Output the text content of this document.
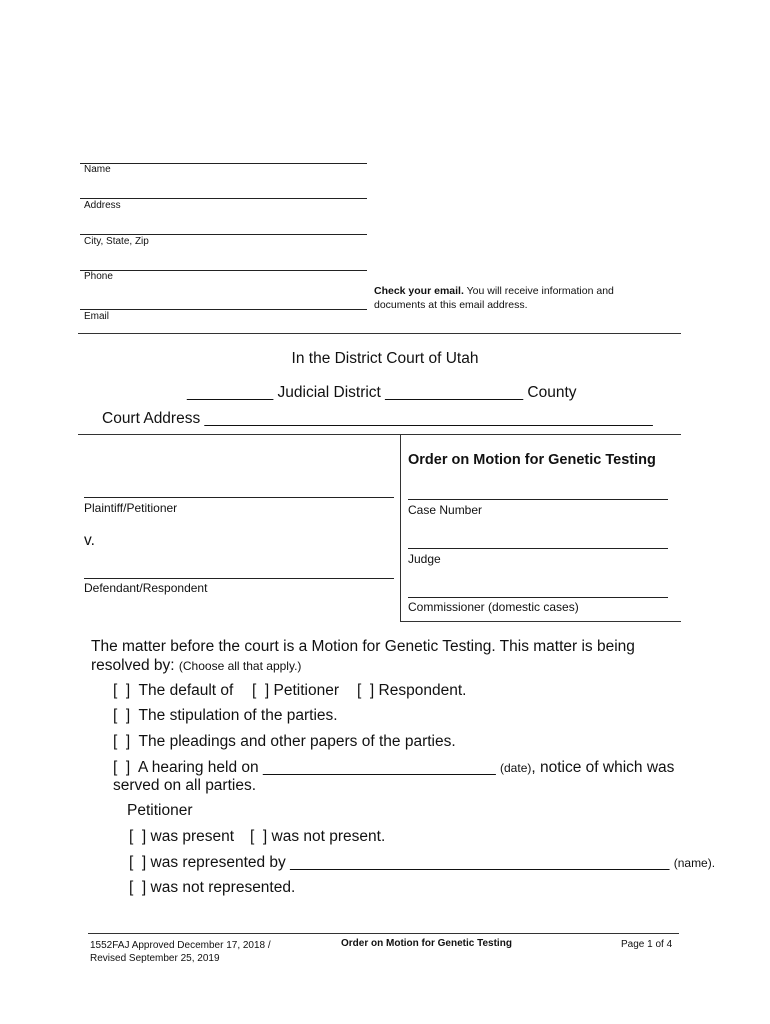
Name
Address
City, State, Zip
Phone
Email
Check your email. You will receive information and
documents at this email address.
In the District Court of Utah
__________ Judicial District ________________ County
Court Address ____________________________________________________
Plaintiff/Petitioner
v.
Defendant/Respondent
Order on Motion for Genetic Testing
Case Number
Judge
Commissioner (domestic cases)
The matter before the court is a Motion for Genetic Testing. This matter is being
resolved by: (Choose all that apply.)
[  ]  The default of [  ] Petitioner [  ] Respondent.
[  ]  The stipulation of the parties.
[  ]  The pleadings and other papers of the parties.
[  ]  A hearing held on ___________________________ (date), notice of which was
served on all parties.
Petitioner
[  ] was present [  ] was not present.
[  ] was represented by ____________________________________________ (name).
[  ] was not represented.
1552FAJ Approved December 17, 2018 /
Revised September 25, 2019
Order on Motion for Genetic Testing	Page 1 of 4
